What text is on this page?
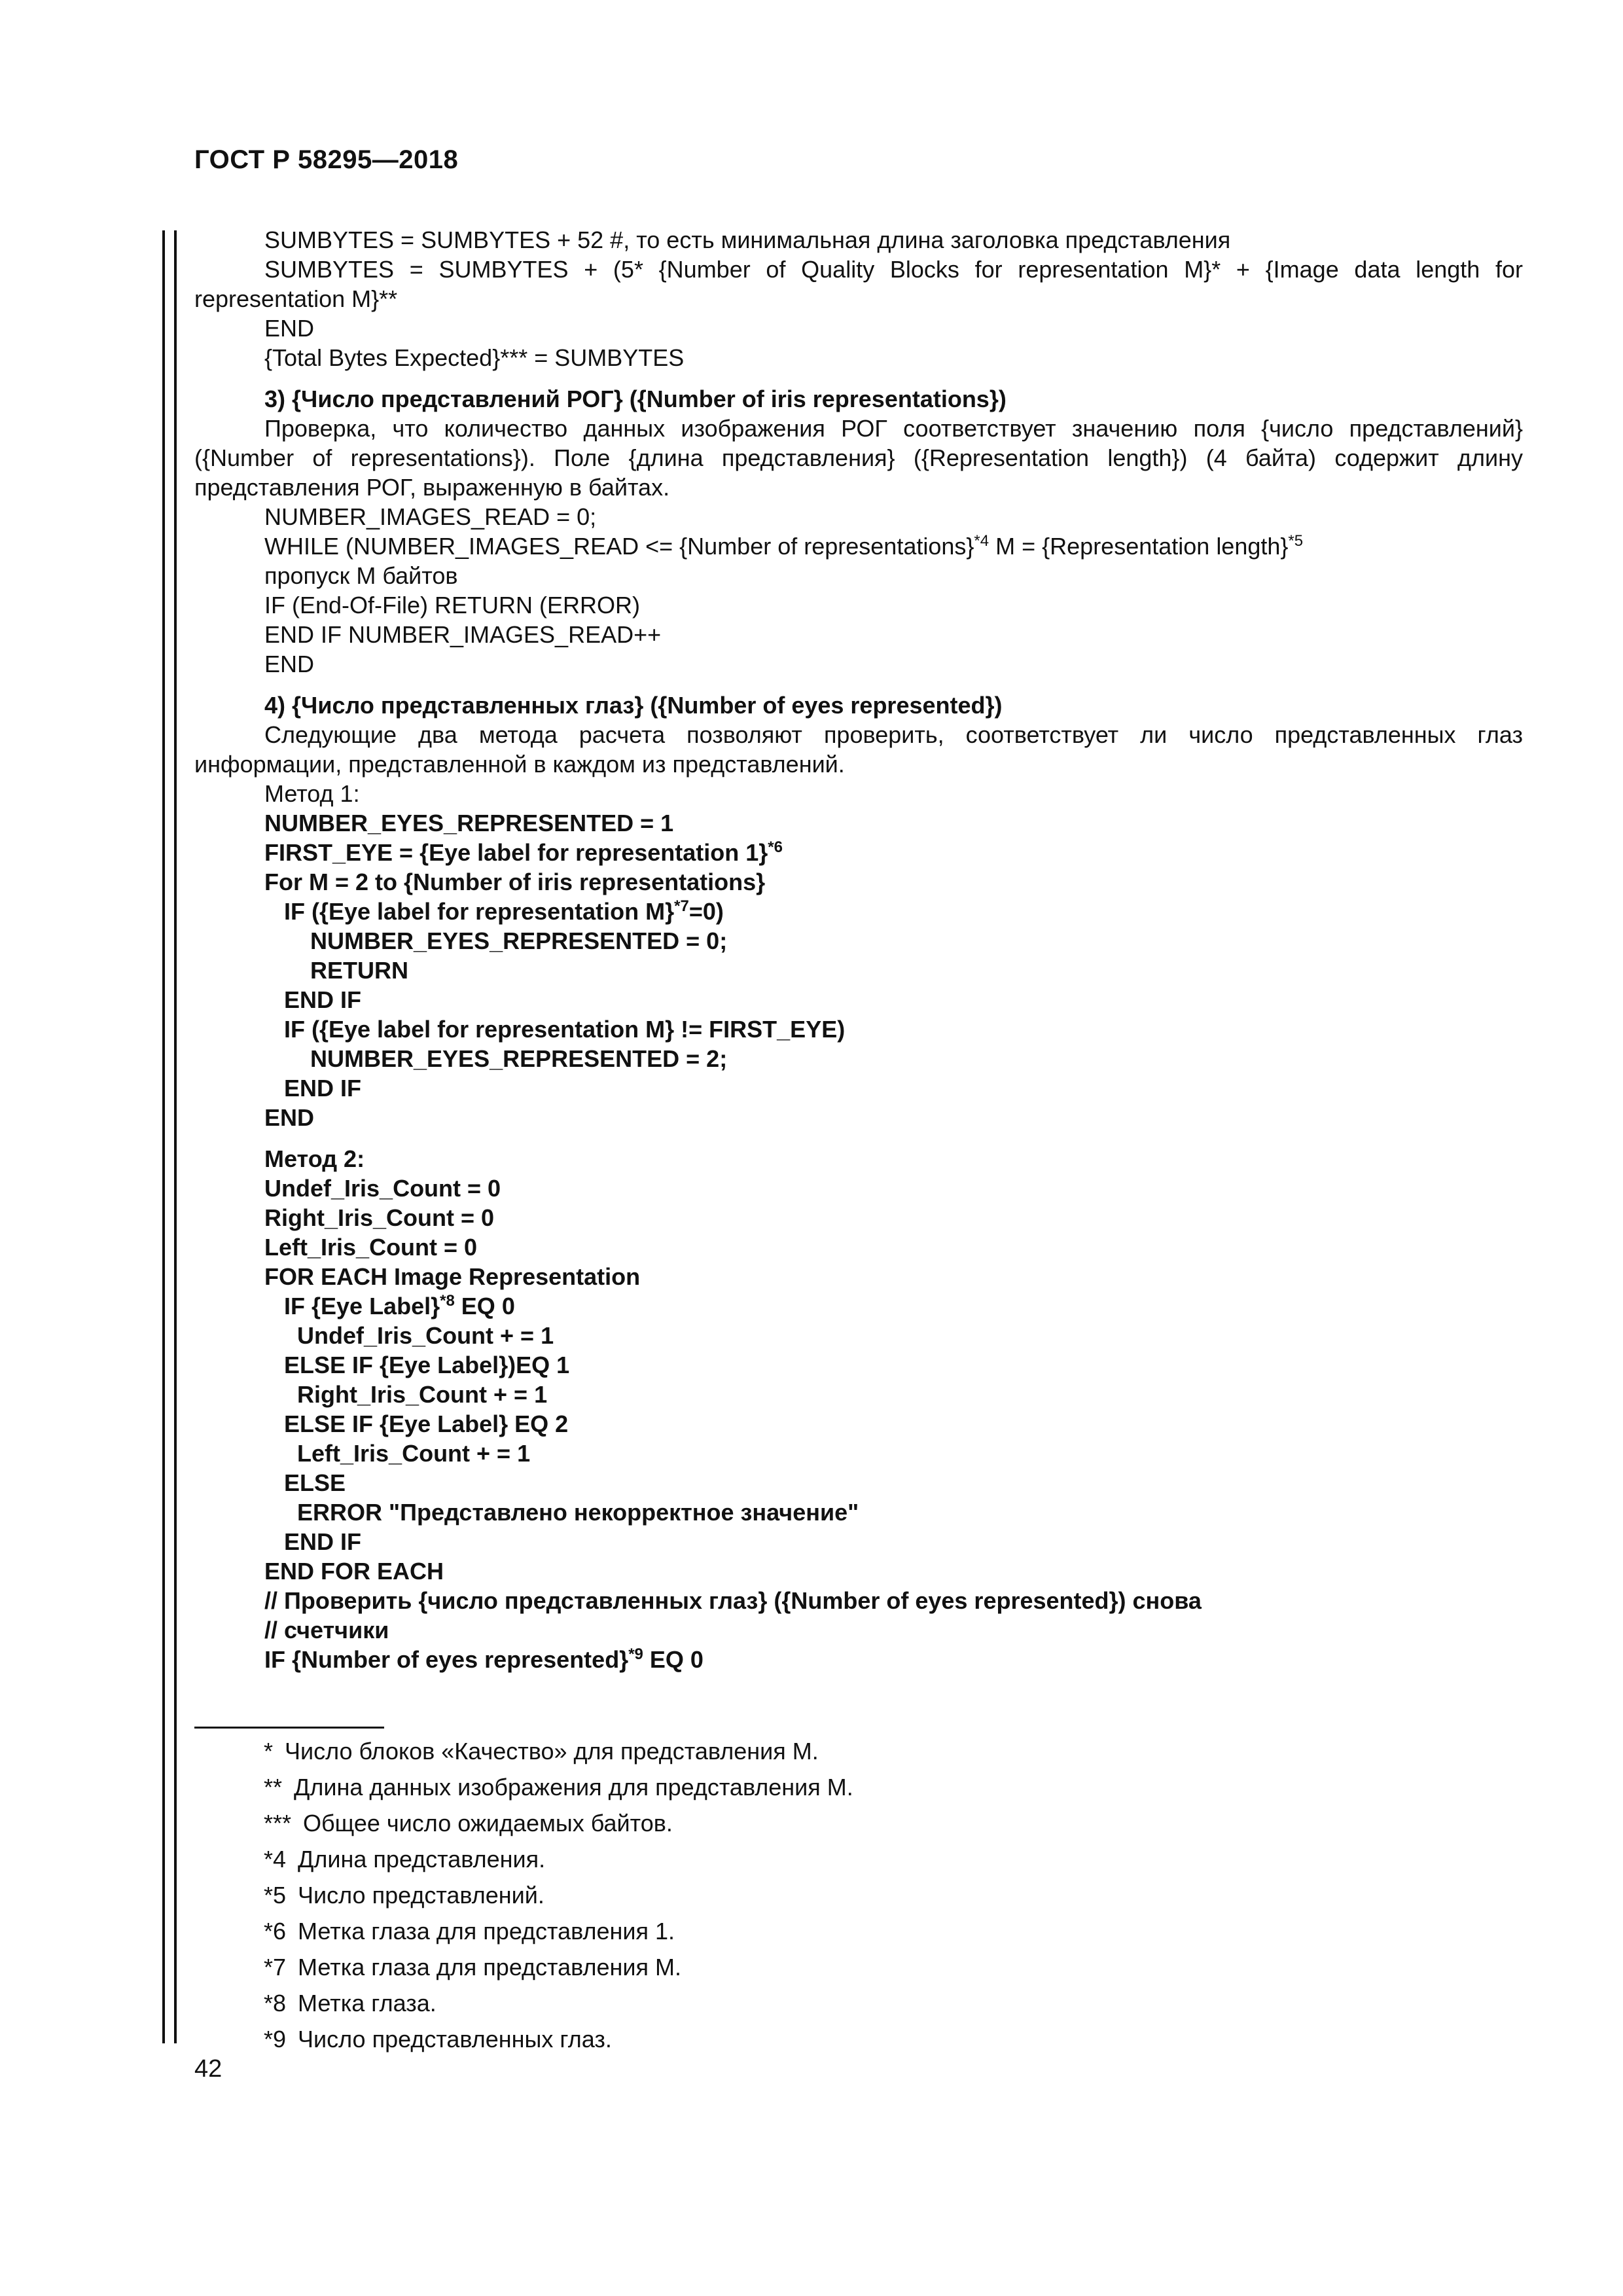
ГОСТ Р 58295—2018
SUMBYTES = SUMBYTES + 52 #, то есть минимальная длина заголовка представления
SUMBYTES = SUMBYTES + (5* {Number of Quality Blocks for representation M}* + {Image data length for representation M}**
END
{Total Bytes Expected}*** = SUMBYTES
3) {Число представлений РОГ} ({Number of iris representations})
Проверка, что количество данных изображения РОГ соответствует значению поля {число представлений} ({Number of representations}). Поле {длина представления} ({Representation length}) (4 байта) содержит длину представления РОГ, выраженную в байтах.
NUMBER_IMAGES_READ = 0;
WHILE (NUMBER_IMAGES_READ <= {Number of representations}$^{*4}$ M = {Representation length}$^{*5}$
пропуск M байтов
IF (End-Of-File) RETURN (ERROR)
END IF NUMBER_IMAGES_READ++
END
4) {Число представленных глаз} ({Number of eyes represented})
Следующие два метода расчета позволяют проверить, соответствует ли число представленных глаз информации, представленной в каждом из представлений.
Метод 1:
NUMBER_EYES_REPRESENTED = 1
FIRST_EYE = {Eye label for representation 1}$^{*6}$
For M = 2 to {Number of iris representations}
IF ({Eye label for representation M}$^{*7}$=0)
NUMBER_EYES_REPRESENTED = 0;
RETURN
END IF
IF ({Eye label for representation M} != FIRST_EYE)
NUMBER_EYES_REPRESENTED = 2;
END IF
END
Метод 2:
Undef_Iris_Count = 0
Right_Iris_Count = 0
Left_Iris_Count = 0
FOR EACH Image Representation
IF {Eye Label}$^{*8}$ EQ 0
Undef_Iris_Count + = 1
ELSE IF {Eye Label})EQ 1
Right_Iris_Count + = 1
ELSE IF {Eye Label} EQ 2
Left_Iris_Count + = 1
ELSE
ERROR "Представлено некорректное значение"
END IF
END FOR EACH
// Проверить {число представленных глаз} ({Number of eyes represented}) снова
// счетчики
IF {Number of eyes represented}$^{*9}$ EQ 0
* Число блоков «Качество» для представления M.
** Длина данных изображения для представления M.
*** Общее число ожидаемых байтов.
*4 Длина представления.
*5 Число представлений.
*6 Метка глаза для представления 1.
*7 Метка глаза для представления M.
*8 Метка глаза.
*9 Число представленных глаз.
42
